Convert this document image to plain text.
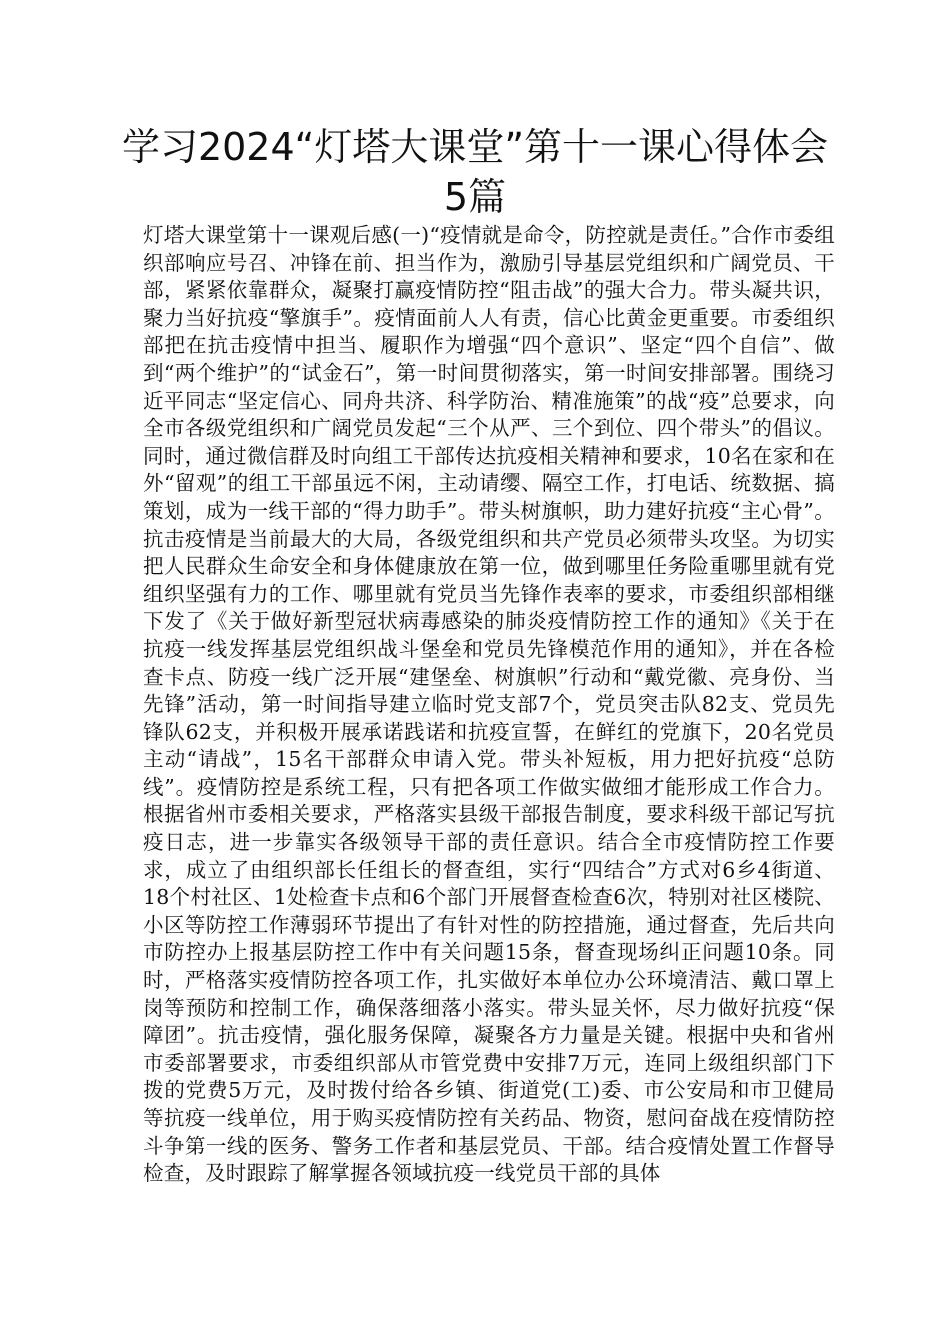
学习2024“灯塔大课堂”第十一课心得体会5篇

灯塔大课堂第十一课观后感(一)“疫情就是命令，防控就是责任。”合作市委组织部响应号召、冲锋在前、担当作为，激励引导基层党组织和广阔党员、干部，紧紧依靠群众，凝聚打赢疫情防控“阻击战”的强大合力。带头凝共识，聚力当好抗疫“擎旗手”。疫情面前人人有责，信心比黄金更重要。市委组织部把在抗击疫情中担当、履职作为增强“四个意识”、坚定“四个自信”、做到“两个维护”的“试金石”，第一时间贯彻落实，第一时间安排部署。围绕习近平同志“坚定信心、同舟共济、科学防治、精准施策”的战“疫”总要求，向全市各级党组织和广阔党员发起“三个从严、三个到位、四个带头”的倡议。同时，通过微信群及时向组工干部传达抗疫相关精神和要求，10名在家和在外“留观”的组工干部虽远不闲，主动请缨、隔空工作，打电话、统数据、搞策划，成为一线干部的“得力助手”。带头树旗帜，助力建好抗疫“主心骨”。抗击疫情是当前最大的大局，各级党组织和共产党员必须带头攻坚。为切实把人民群众生命安全和身体健康放在第一位，做到哪里任务险重哪里就有党组织坚强有力的工作、哪里就有党员当先锋作表率的要求，市委组织部相继下发了《关于做好新型冠状病毒感染的肺炎疫情防控工作的通知》《关于在抗疫一线发挥基层党组织战斗堡垒和党员先锋模范作用的通知》，并在各检查卡点、防疫一线广泛开展“建堡垒、树旗帜”行动和“戴党徽、亮身份、当先锋”活动，第一时间指导建立临时党支部7个，党员突击队82支、党员先锋队62支，并积极开展承诺践诺和抗疫宣誓，在鲜红的党旗下，20名党员主动“请战”，15名干部群众申请入党。带头补短板，用力把好抗疫“总防线”。疫情防控是系统工程，只有把各项工作做实做细才能形成工作合力。根据省州市委相关要求，严格落实县级干部报告制度，要求科级干部记写抗疫日志，进一步靠实各级领导干部的责任意识。结合全市疫情防控工作要求，成立了由组织部长任组长的督查组，实行“四结合”方式对6乡4街道、18个村社区、1处检查卡点和6个部门开展督查检查6次，特别对社区楼院、小区等防控工作薄弱环节提出了有针对性的防控措施，通过督查，先后共向市防控办上报基层防控工作中有关问题15条，督查现场纠正问题10条。同时，严格落实疫情防控各项工作，扎实做好本单位办公环境清洁、戴口罩上岗等预防和控制工作，确保落细落小落实。带头显关怀，尽力做好抗疫“保障团”。抗击疫情，强化服务保障，凝聚各方力量是关键。根据中央和省州市委部署要求，市委组织部从市管党费中安排7万元，连同上级组织部门下拨的党费5万元，及时拨付给各乡镇、街道党(工)委、市公安局和市卫健局等抗疫一线单位，用于购买疫情防控有关药品、物资，慰问奋战在疫情防控斗争第一线的医务、警务工作者和基层党员、干部。结合疫情处置工作督导检查，及时跟踪了解掌握各领域抗疫一线党员干部的具体
